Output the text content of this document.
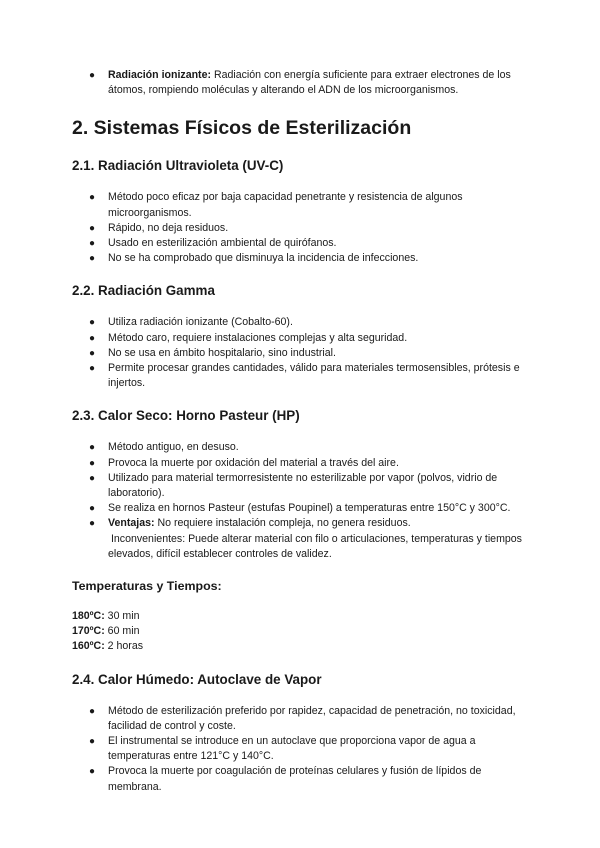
● Radiación ionizante: Radiación con energía suficiente para extraer electrones de los átomos, rompiendo moléculas y alterando el ADN de los microorganismos.
2. Sistemas Físicos de Esterilización
2.1. Radiación Ultravioleta (UV-C)
● Método poco eficaz por baja capacidad penetrante y resistencia de algunos microorganismos.
● Rápido, no deja residuos.
● Usado en esterilización ambiental de quirófanos.
● No se ha comprobado que disminuya la incidencia de infecciones.
2.2. Radiación Gamma
● Utiliza radiación ionizante (Cobalto-60).
● Método caro, requiere instalaciones complejas y alta seguridad.
● No se usa en ámbito hospitalario, sino industrial.
● Permite procesar grandes cantidades, válido para materiales termosensibles, prótesis e injertos.
2.3. Calor Seco: Horno Pasteur (HP)
● Método antiguo, en desuso.
● Provoca la muerte por oxidación del material a través del aire.
● Utilizado para material termorresistente no esterilizable por vapor (polvos, vidrio de laboratorio).
● Se realiza en hornos Pasteur (estufas Poupinel) a temperaturas entre 150°C y 300°C.
● Ventajas: No requiere instalación compleja, no genera residuos.
Inconvenientes: Puede alterar material con filo o articulaciones, temperaturas y tiempos elevados, difícil establecer controles de validez.
Temperaturas y Tiempos:
180ºC: 30 min
170ºC: 60 min
160ºC: 2 horas
2.4. Calor Húmedo: Autoclave de Vapor
● Método de esterilización preferido por rapidez, capacidad de penetración, no toxicidad, facilidad de control y coste.
● El instrumental se introduce en un autoclave que proporciona vapor de agua a temperaturas entre 121°C y 140°C.
● Provoca la muerte por coagulación de proteínas celulares y fusión de lípidos de membrana.
